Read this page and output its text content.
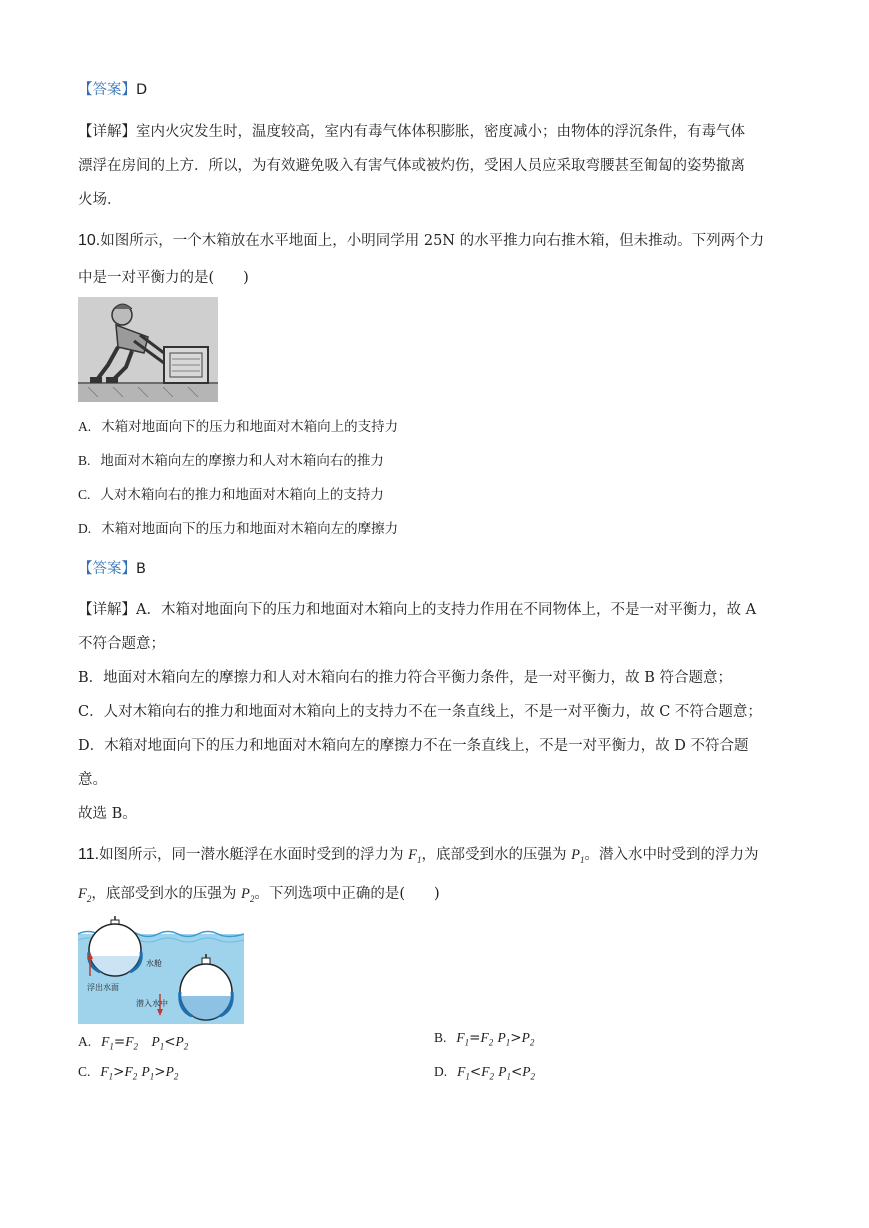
【答案】D
【详解】室内火灾发生时，温度较高，室内有毒气体体积膨胀，密度减小；由物体的浮沉条件，有毒气体
漂浮在房间的上方．所以，为有效避免吸入有害气体或被灼伤，受困人员应采取弯腰甚至匍匐的姿势撤离
火场．
10.如图所示，一个木箱放在水平地面上，小明同学用 25N 的水平推力向右推木箱，但未推动。下列两个力
中是一对平衡力的是(　　)
A. 木箱对地面向下的压力和地面对木箱向上的支持力
B. 地面对木箱向左的摩擦力和人对木箱向右的推力
C. 人对木箱向右的推力和地面对木箱向上的支持力
D. 木箱对地面向下的压力和地面对木箱向左的摩擦力
【答案】B
【详解】A．木箱对地面向下的压力和地面对木箱向上的支持力作用在不同物体上，不是一对平衡力，故 A
不符合题意；
B．地面对木箱向左的摩擦力和人对木箱向右的推力符合平衡力条件，是一对平衡力，故 B 符合题意；
C．人对木箱向右的推力和地面对木箱向上的支持力不在一条直线上，不是一对平衡力，故 C 不符合题意；
D．木箱对地面向下的压力和地面对木箱向左的摩擦力不在一条直线上，不是一对平衡力，故 D 不符合题
意。
故选 B。
11.如图所示，同一潜水艇浮在水面时受到的浮力为 $F_1$，底部受到水的压强为 $P_1$。潜入水中时受到的浮力为
$F_2$，底部受到水的压强为 $P_2$。下列选项中正确的是(　　)
浮出水面
水舱
潜入水中
A. $F_1=F_2$　 $P_1<P_2$
B. $F_1=F_2$ $P_1>P_2$
C. $F_1>F_2$ $P_1>P_2$	D. $F_1<F_2$ $P_1<P_2$
